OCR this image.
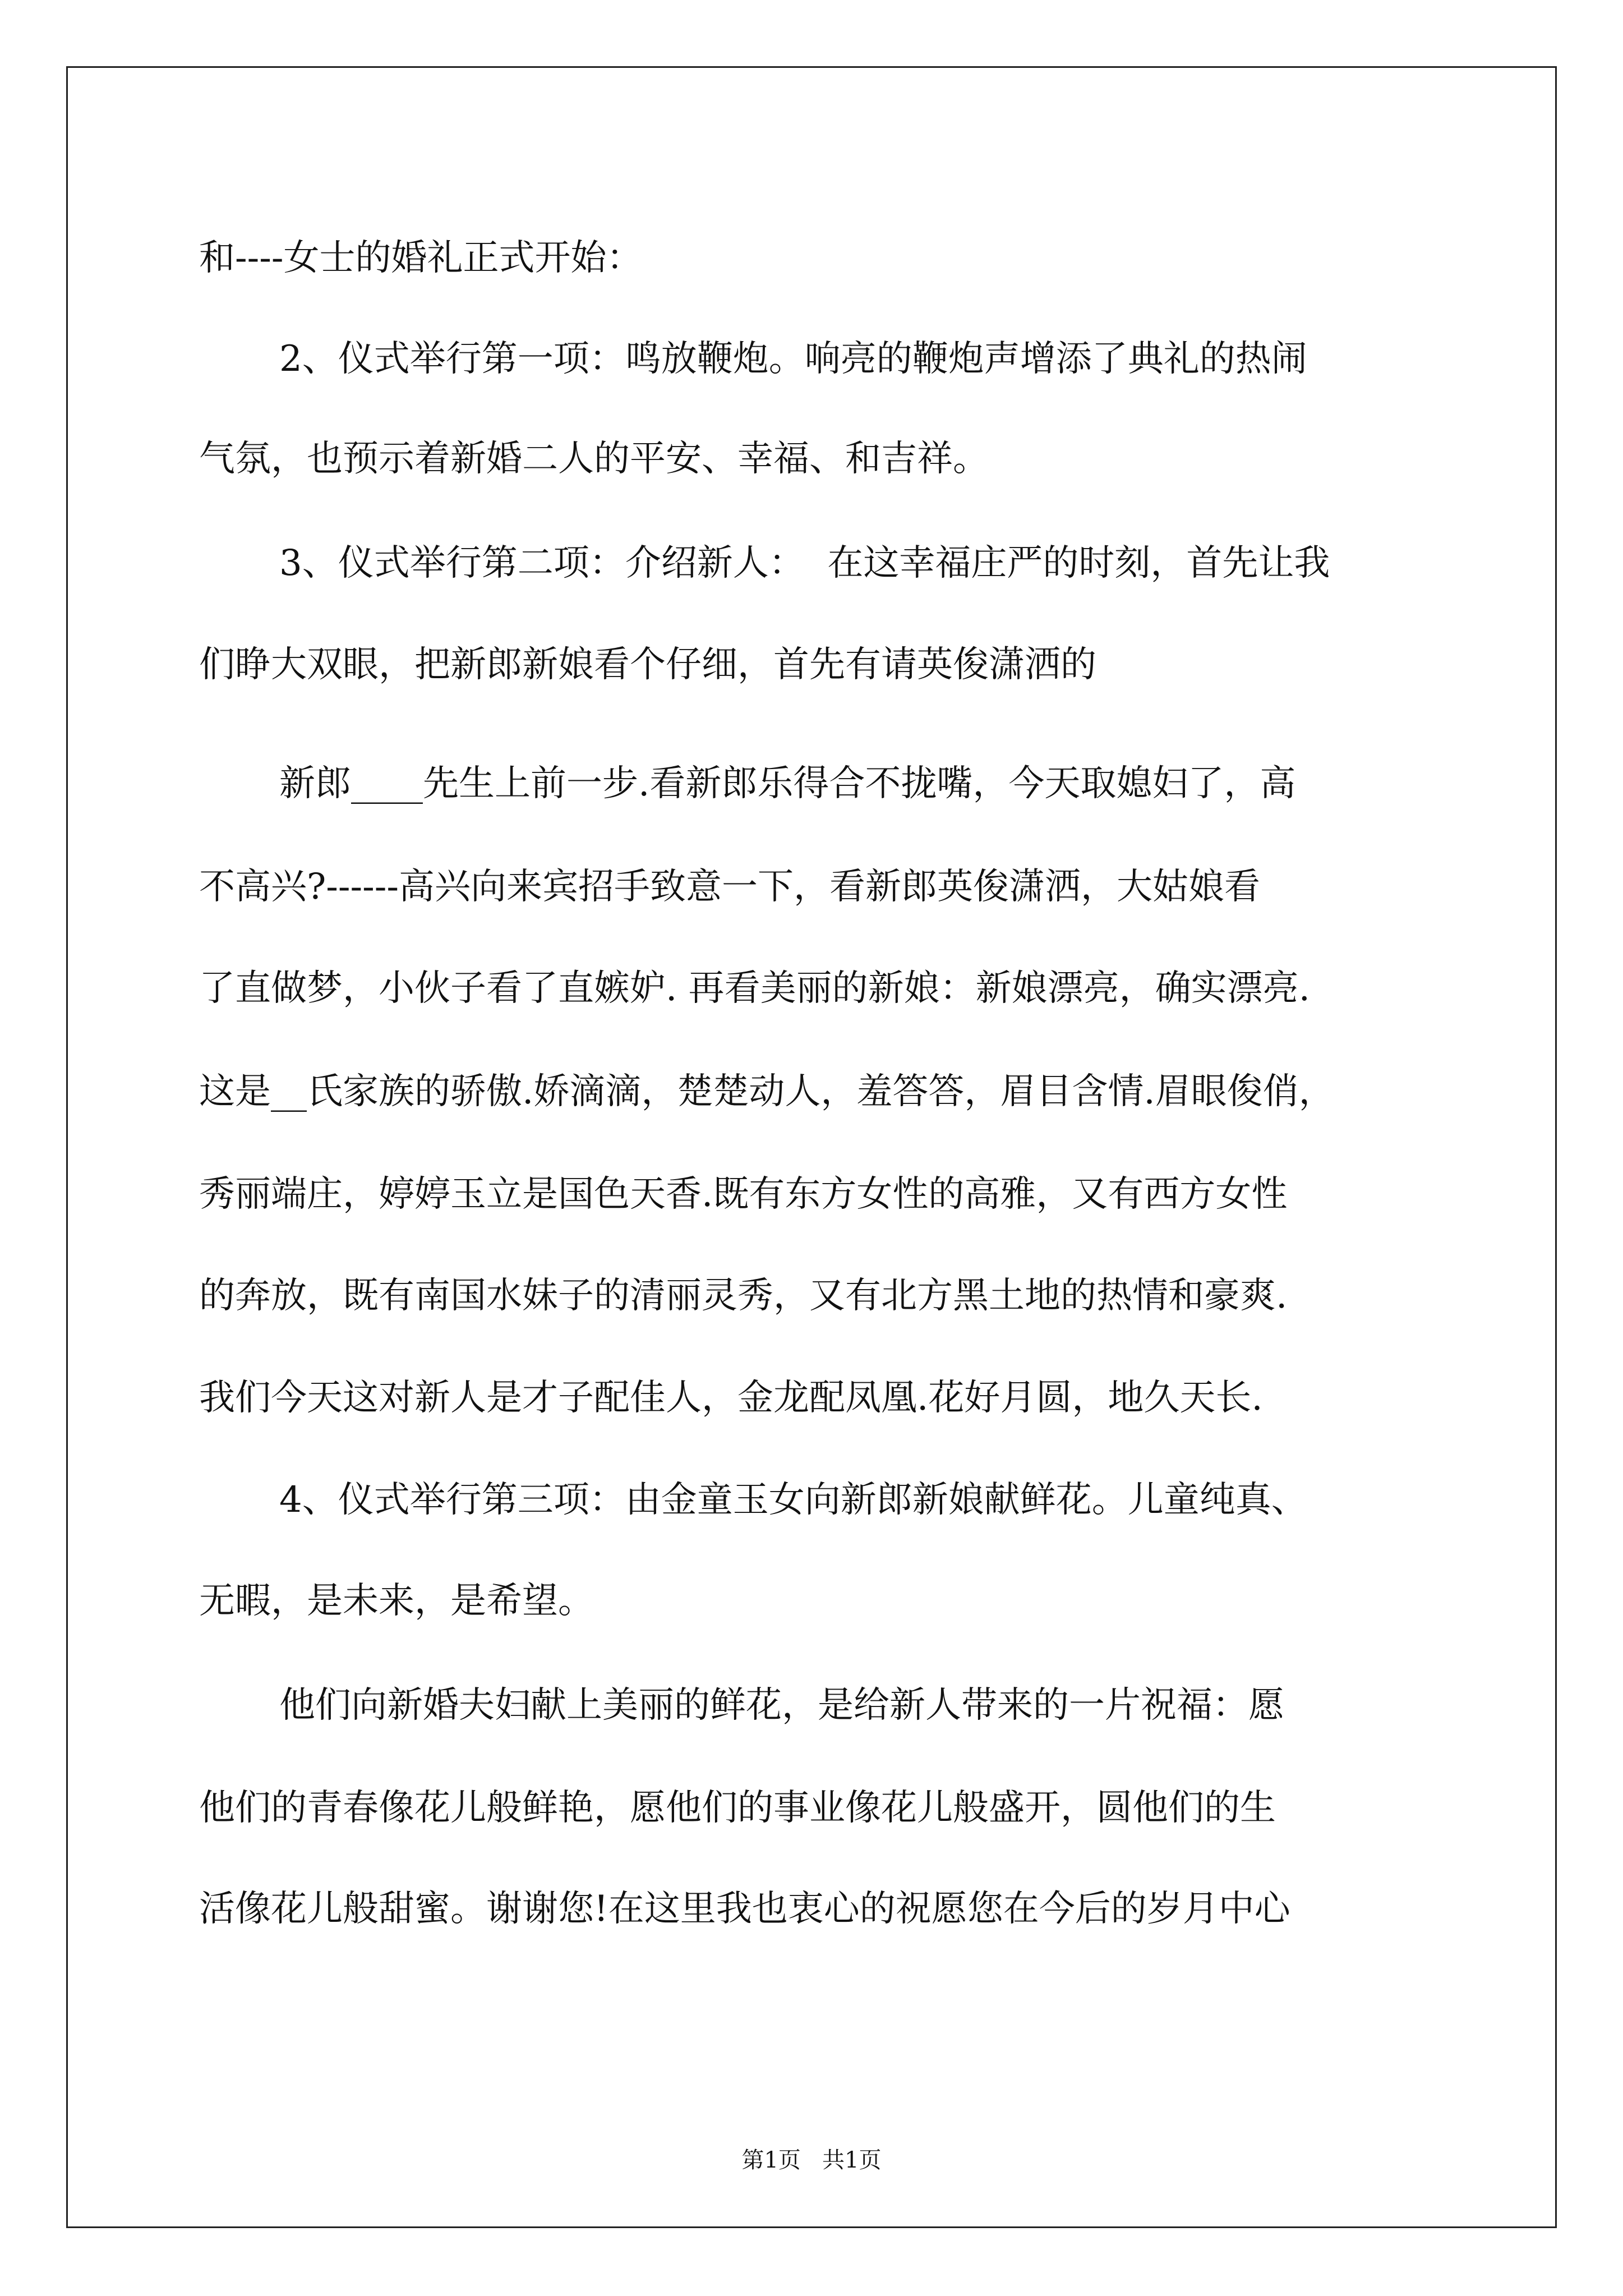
和----女士的婚礼正式开始：

2、仪式举行第一项：鸣放鞭炮。响亮的鞭炮声增添了典礼的热闹

气氛，也预示着新婚二人的平安、幸福、和吉祥。

3、仪式举行第二项：介绍新人：  在这幸福庄严的时刻，首先让我

们睁大双眼，把新郎新娘看个仔细，首先有请英俊潇洒的

新郎____先生上前一步.看新郎乐得合不拢嘴，今天取媳妇了，高

不高兴?------高兴向来宾招手致意一下，看新郎英俊潇洒，大姑娘看

了直做梦，小伙子看了直嫉妒. 再看美丽的新娘：新娘漂亮，确实漂亮.

这是__氏家族的骄傲.娇滴滴，楚楚动人，羞答答，眉目含情.眉眼俊俏，

秀丽端庄，婷婷玉立是国色天香.既有东方女性的高雅，又有西方女性

的奔放，既有南国水妹子的清丽灵秀，又有北方黑土地的热情和豪爽.

我们今天这对新人是才子配佳人，金龙配凤凰.花好月圆，地久天长.

4、仪式举行第三项：由金童玉女向新郎新娘献鲜花。儿童纯真、

无暇，是未来，是希望。

他们向新婚夫妇献上美丽的鲜花，是给新人带来的一片祝福：愿

他们的青春像花儿般鲜艳，愿他们的事业像花儿般盛开，圆他们的生

活像花儿般甜蜜。谢谢您!在这里我也衷心的祝愿您在今后的岁月中心

第1页   共1页
